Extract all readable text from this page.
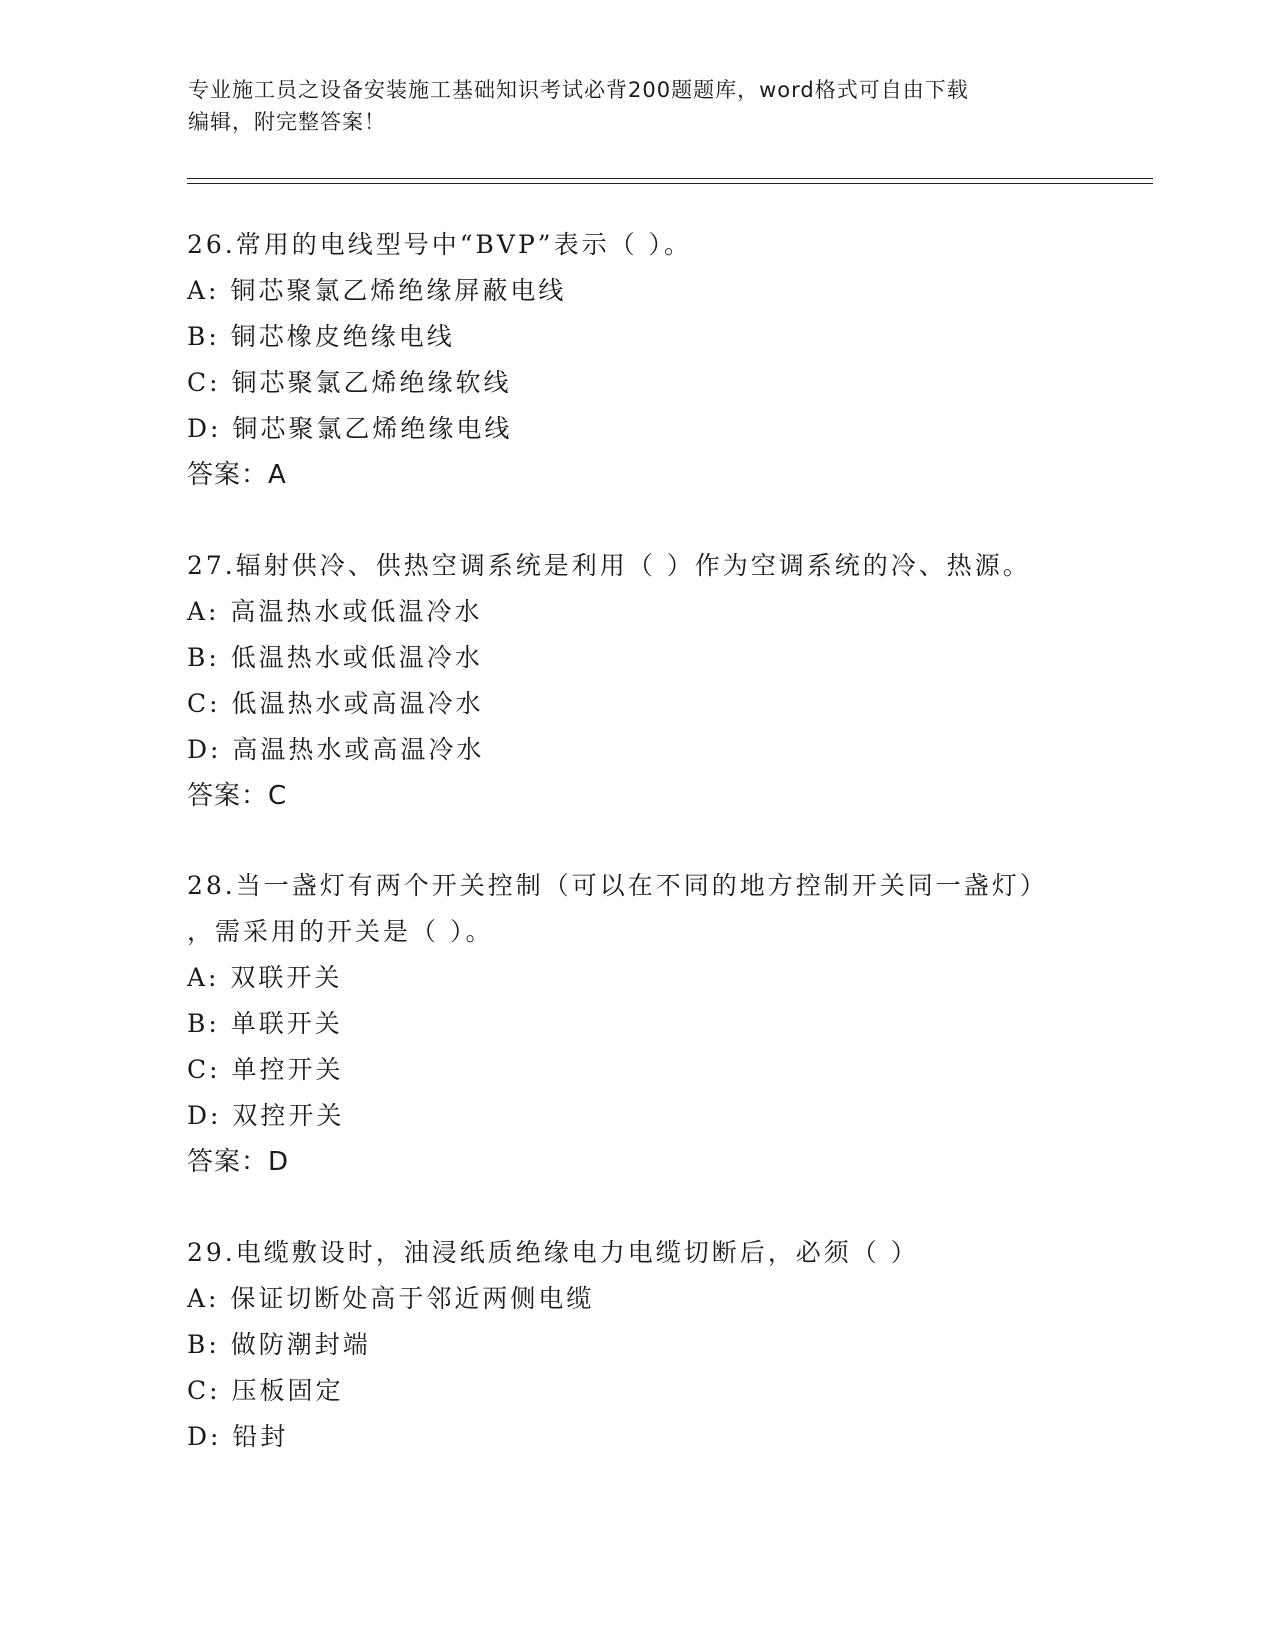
专业施工员之设备安装施工基础知识考试必背200题题库，word格式可自由下载
编辑，附完整答案！
26.常用的电线型号中“BVP”表示（ ）。
A: 铜芯聚氯乙烯绝缘屏蔽电线
B: 铜芯橡皮绝缘电线
C: 铜芯聚氯乙烯绝缘软线
D: 铜芯聚氯乙烯绝缘电线
答案：A
27.辐射供冷、供热空调系统是利用（ ）作为空调系统的冷、热源。
A: 高温热水或低温冷水
B: 低温热水或低温冷水
C: 低温热水或高温冷水
D: 高温热水或高温冷水
答案：C
28.当一盏灯有两个开关控制（可以在不同的地方控制开关同一盏灯）
，需采用的开关是（ ）。
A: 双联开关
B: 单联开关
C: 单控开关
D: 双控开关
答案：D
29.电缆敷设时，油浸纸质绝缘电力电缆切断后，必须（ ）
A: 保证切断处高于邻近两侧电缆
B: 做防潮封端
C: 压板固定
D: 铅封
